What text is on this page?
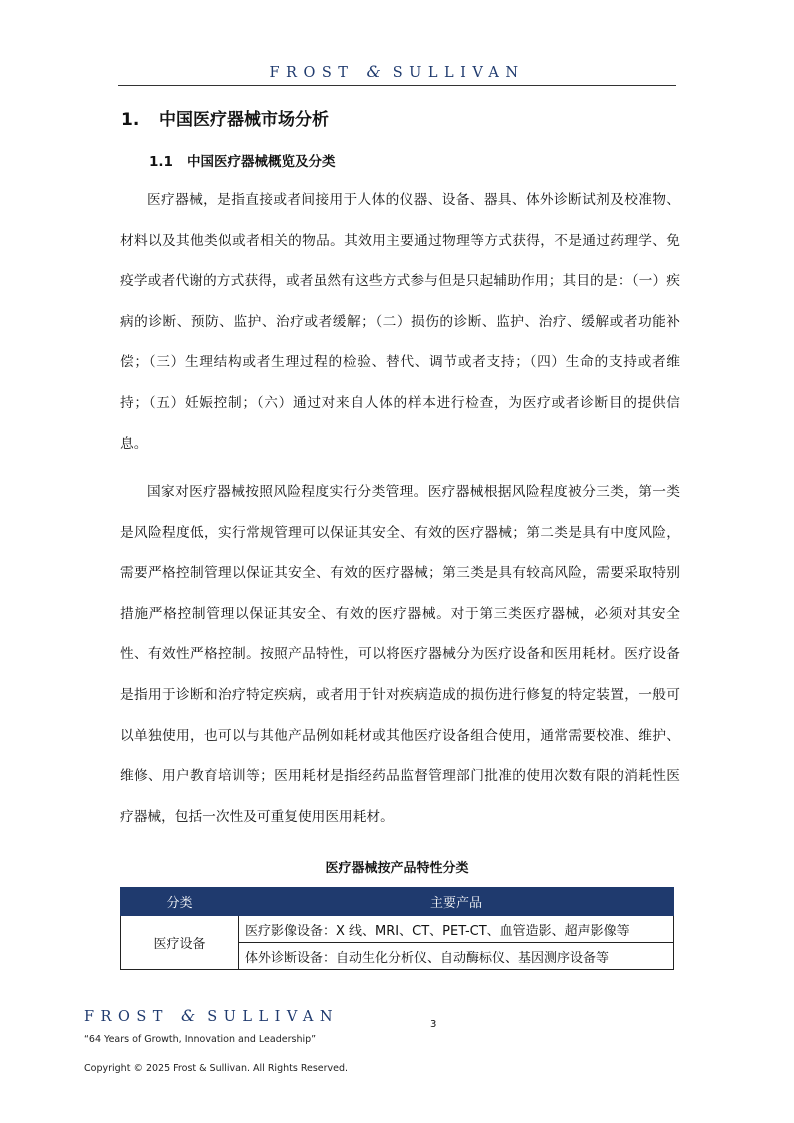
FROST & SULLIVAN
1. 中国医疗器械市场分析
1.1 中国医疗器械概览及分类

医疗器械，是指直接或者间接用于人体的仪器、设备、器具、体外诊断试剂及校准物、材料以及其他类似或者相关的物品。其效用主要通过物理等方式获得，不是通过药理学、免疫学或者代谢的方式获得，或者虽然有这些方式参与但是只起辅助作用；其目的是：（一）疾病的诊断、预防、监护、治疗或者缓解；（二）损伤的诊断、监护、治疗、缓解或者功能补偿；（三）生理结构或者生理过程的检验、替代、调节或者支持；（四）生命的支持或者维持；（五）妊娠控制；（六）通过对来自人体的样本进行检查，为医疗或者诊断目的提供信息。

国家对医疗器械按照风险程度实行分类管理。医疗器械根据风险程度被分三类，第一类是风险程度低，实行常规管理可以保证其安全、有效的医疗器械；第二类是具有中度风险，需要严格控制管理以保证其安全、有效的医疗器械；第三类是具有较高风险，需要采取特别措施严格控制管理以保证其安全、有效的医疗器械。对于第三类医疗器械，必须对其安全性、有效性严格控制。按照产品特性，可以将医疗器械分为医疗设备和医用耗材。医疗设备是指用于诊断和治疗特定疾病，或者用于针对疾病造成的损伤进行修复的特定装置，一般可以单独使用，也可以与其他产品例如耗材或其他医疗设备组合使用，通常需要校准、维护、维修、用户教育培训等；医用耗材是指经药品监督管理部门批准的使用次数有限的消耗性医疗器械，包括一次性及可重复使用医用耗材。

医疗器械按产品特性分类
分类	主要产品
医疗设备	医疗影像设备：X 线、MRI、CT、PET-CT、血管造影、超声影像等
	体外诊断设备：自动生化分析仪、自动酶标仪、基因测序设备等
FROST & SULLIVAN	3
“64 Years of Growth, Innovation and Leadership”
Copyright © 2025 Frost & Sullivan. All Rights Reserved.
